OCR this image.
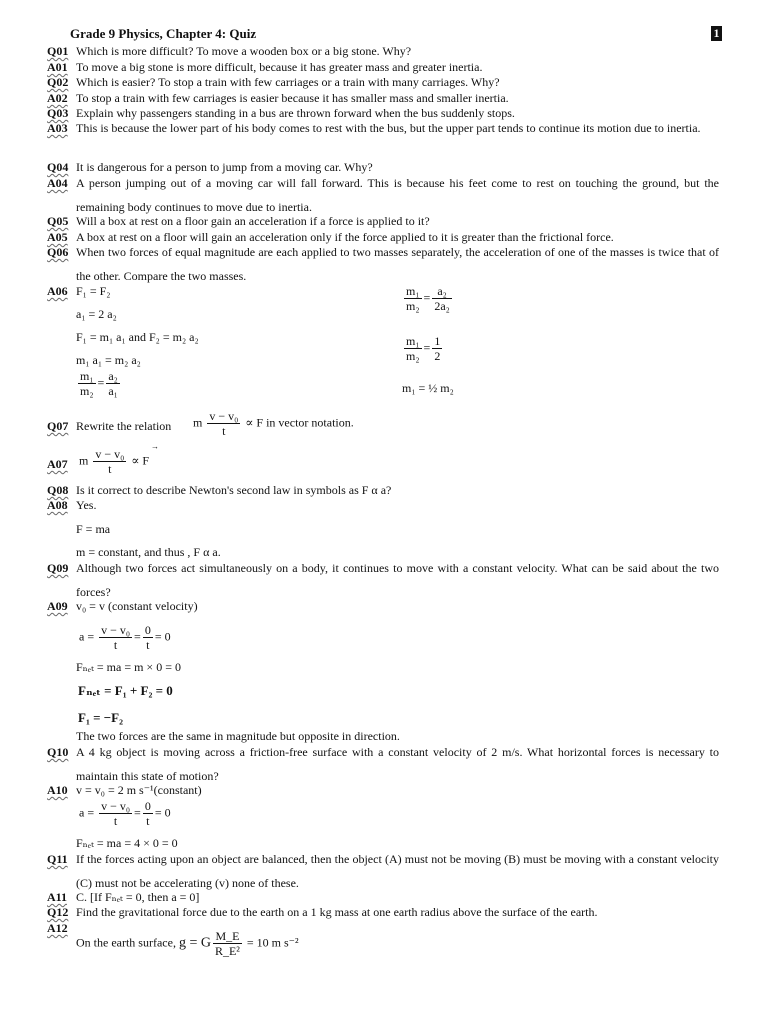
Grade 9 Physics, Chapter 4: Quiz	1
Q01 Which is more difficult? To move a wooden box or a big stone. Why?
A01 To move a big stone is more difficult, because it has greater mass and greater inertia.
Q02 Which is easier? To stop a train with few carriages or a train with many carriages. Why?
A02 To stop a train with few carriages is easier because it has smaller mass and smaller inertia.
Q03 Explain why passengers standing in a bus are thrown forward when the bus suddenly stops.
A03 This is because the lower part of his body comes to rest with the bus, but the upper part tends to continue its motion due to inertia.
Q04 It is dangerous for a person to jump from a moving car. Why?
A04 A person jumping out of a moving car will fall forward. This is because his feet come to rest on touching the ground, but the remaining body continues to move due to inertia.
Q05 Will a box at rest on a floor gain an acceleration if a force is applied to it?
A05 A box at rest on a floor will gain an acceleration only if the force applied to it is greater than the frictional force.
Q06 When two forces of equal magnitude are each applied to two masses separately, the acceleration of one of the masses is twice that of the other. Compare the two masses.
A06 F₁ = F₂
a₁ = 2 a₂
F₁ = m₁ a₁ and F₂ = m₂ a₂
m₁ a₁ = m₂ a₂
$\frac{\text{m₁}}{\text{m₂}} = \frac{\text{a₂}}{\text{a₁}}$
$\frac{\text{m₁}}{\text{m₂}} = \frac{\text{a₂}}{\text{2a₂}}$
$\frac{\text{m₁}}{\text{m₂}} = \frac{1}{2}$
m₁ = ½ m₂
Q07 Rewrite the relation m $\frac{\text{v − v₀}}{t} \propto F$ in vector notation.
A07 m $\frac{\text{v − v₀}}{t} \propto F$
→
Q08 Is it correct to describe Newton's second law in symbols as F α a?
A08 Yes.
F = ma
m = constant, and thus , F α a.
Q09 Although two forces act simultaneously on a body, it continues to move with a constant velocity. What can be said about the two forces?
A09 v₀ = v (constant velocity)
$a = \frac{\text{v − v₀}}{t} = \frac{0}{t} = 0$
Fₙₑₜ = ma = m × 0 = 0
Fₙₑₜ = F₁ + F₂ = 0
F₁ = −F₂
The two forces are the same in magnitude but opposite in direction.
Q10 A 4 kg object is moving across a friction-free surface with a constant velocity of 2 m/s. What horizontal forces is necessary to maintain this state of motion?
A10 v = v₀ = 2 m s⁻¹(constant)
$a = \frac{\text{v − v₀}}{t} = \frac{0}{t} = 0$
Fₙₑₜ = ma = 4 × 0 = 0
Q11 If the forces acting upon an object are balanced, then the object (A) must not be moving (B) must be moving with a constant velocity (C) must not be accelerating (v) none of these.
A11 C. [If Fₙₑₜ = 0, then a = 0]
Q12 Find the gravitational force due to the earth on a 1 kg mass at one earth radius above the surface of the earth.
A12
On the earth surface, g = G $\frac{M\_E}{\text{R\_E²}} = 10$ m s⁻²
